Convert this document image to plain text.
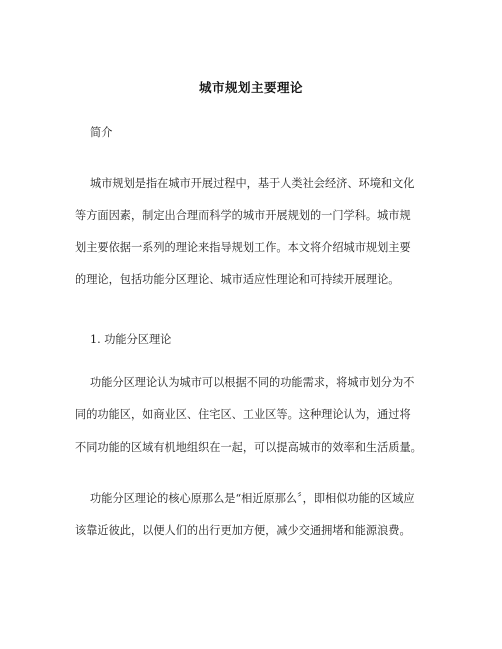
城市规划主要理论
简介
城市规划是指在城市开展过程中，基于人类社会经济、环境和文化
等方面因素，制定出合理而科学的城市开展规划的一门学科。城市规
划主要依据一系列的理论来指导规划工作。本文将介绍城市规划主要
的理论，包括功能分区理论、城市适应性理论和可持续开展理论。
1. 功能分区理论
功能分区理论认为城市可以根据不同的功能需求，将城市划分为不
同的功能区，如商业区、住宅区、工业区等。这种理论认为，通过将
不同功能的区域有机地组织在一起，可以提高城市的效率和生活质量。
功能分区理论的核心原那么是“相近原那么〞，即相似功能的区域应
该靠近彼此，以便人们的出行更加方便，减少交通拥堵和能源浪费。
